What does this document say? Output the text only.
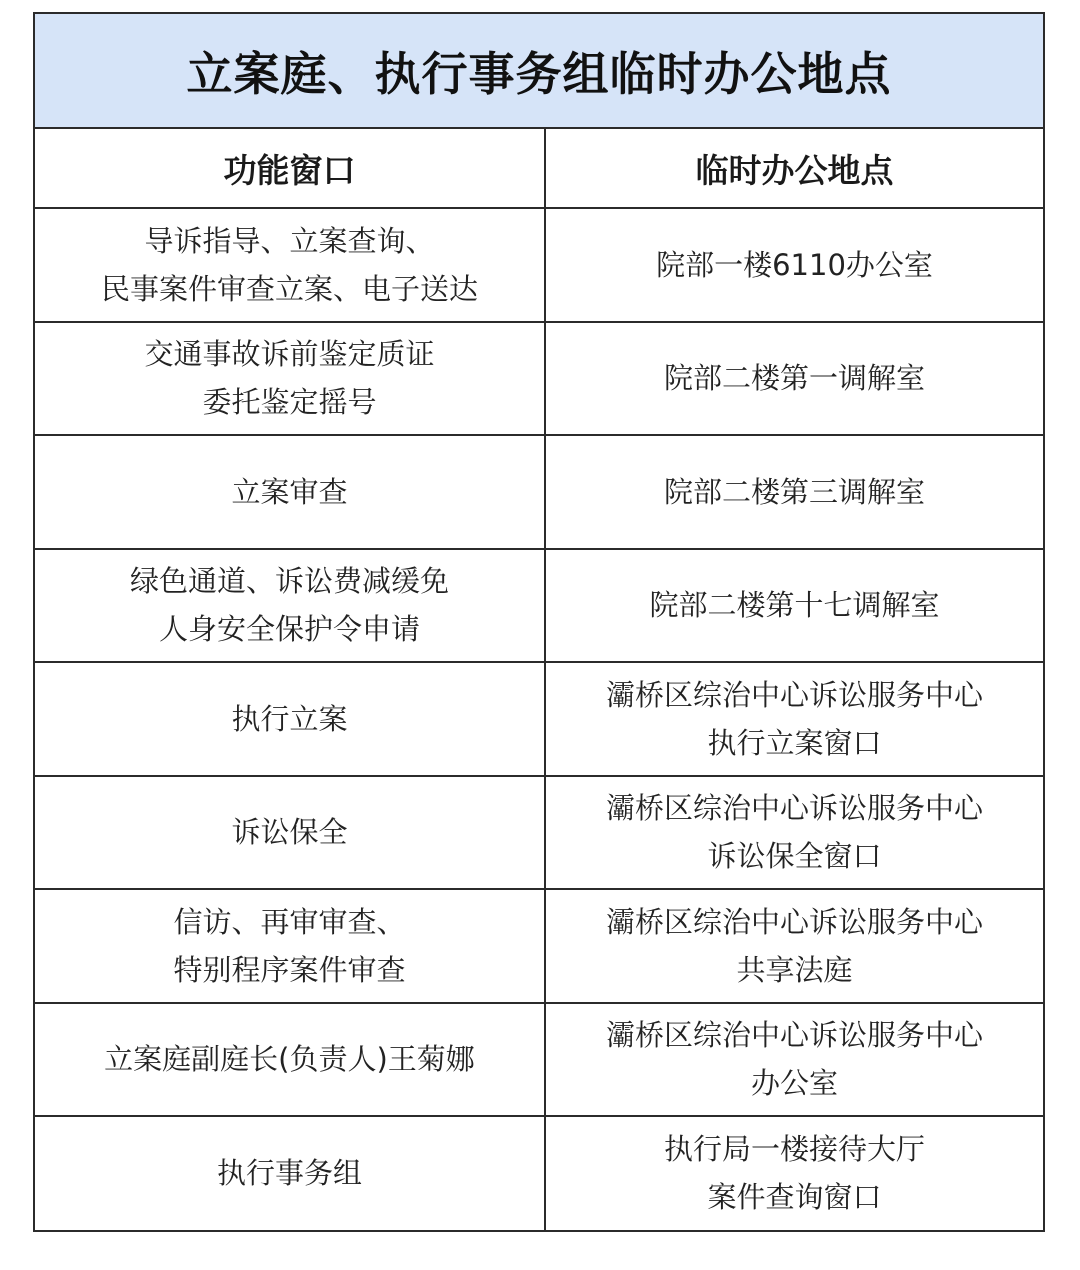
立案庭、执行事务组临时办公地点
功能窗口	临时办公地点

导诉指导、立案查询、
民事案件审查立案、电子送达	院部一楼6110办公室

交通事故诉前鉴定质证
委托鉴定摇号	院部二楼第一调解室

立案审查	院部二楼第三调解室

绿色通道、诉讼费减缓免
人身安全保护令申请	院部二楼第十七调解室

执行立案	灞桥区综治中心诉讼服务中心
执行立案窗口

诉讼保全	灞桥区综治中心诉讼服务中心
诉讼保全窗口

信访、再审审查、
特别程序案件审查	灞桥区综治中心诉讼服务中心
共享法庭

立案庭副庭长(负责人)王菊娜	灞桥区综治中心诉讼服务中心
办公室

执行事务组	执行局一楼接待大厅
案件查询窗口
